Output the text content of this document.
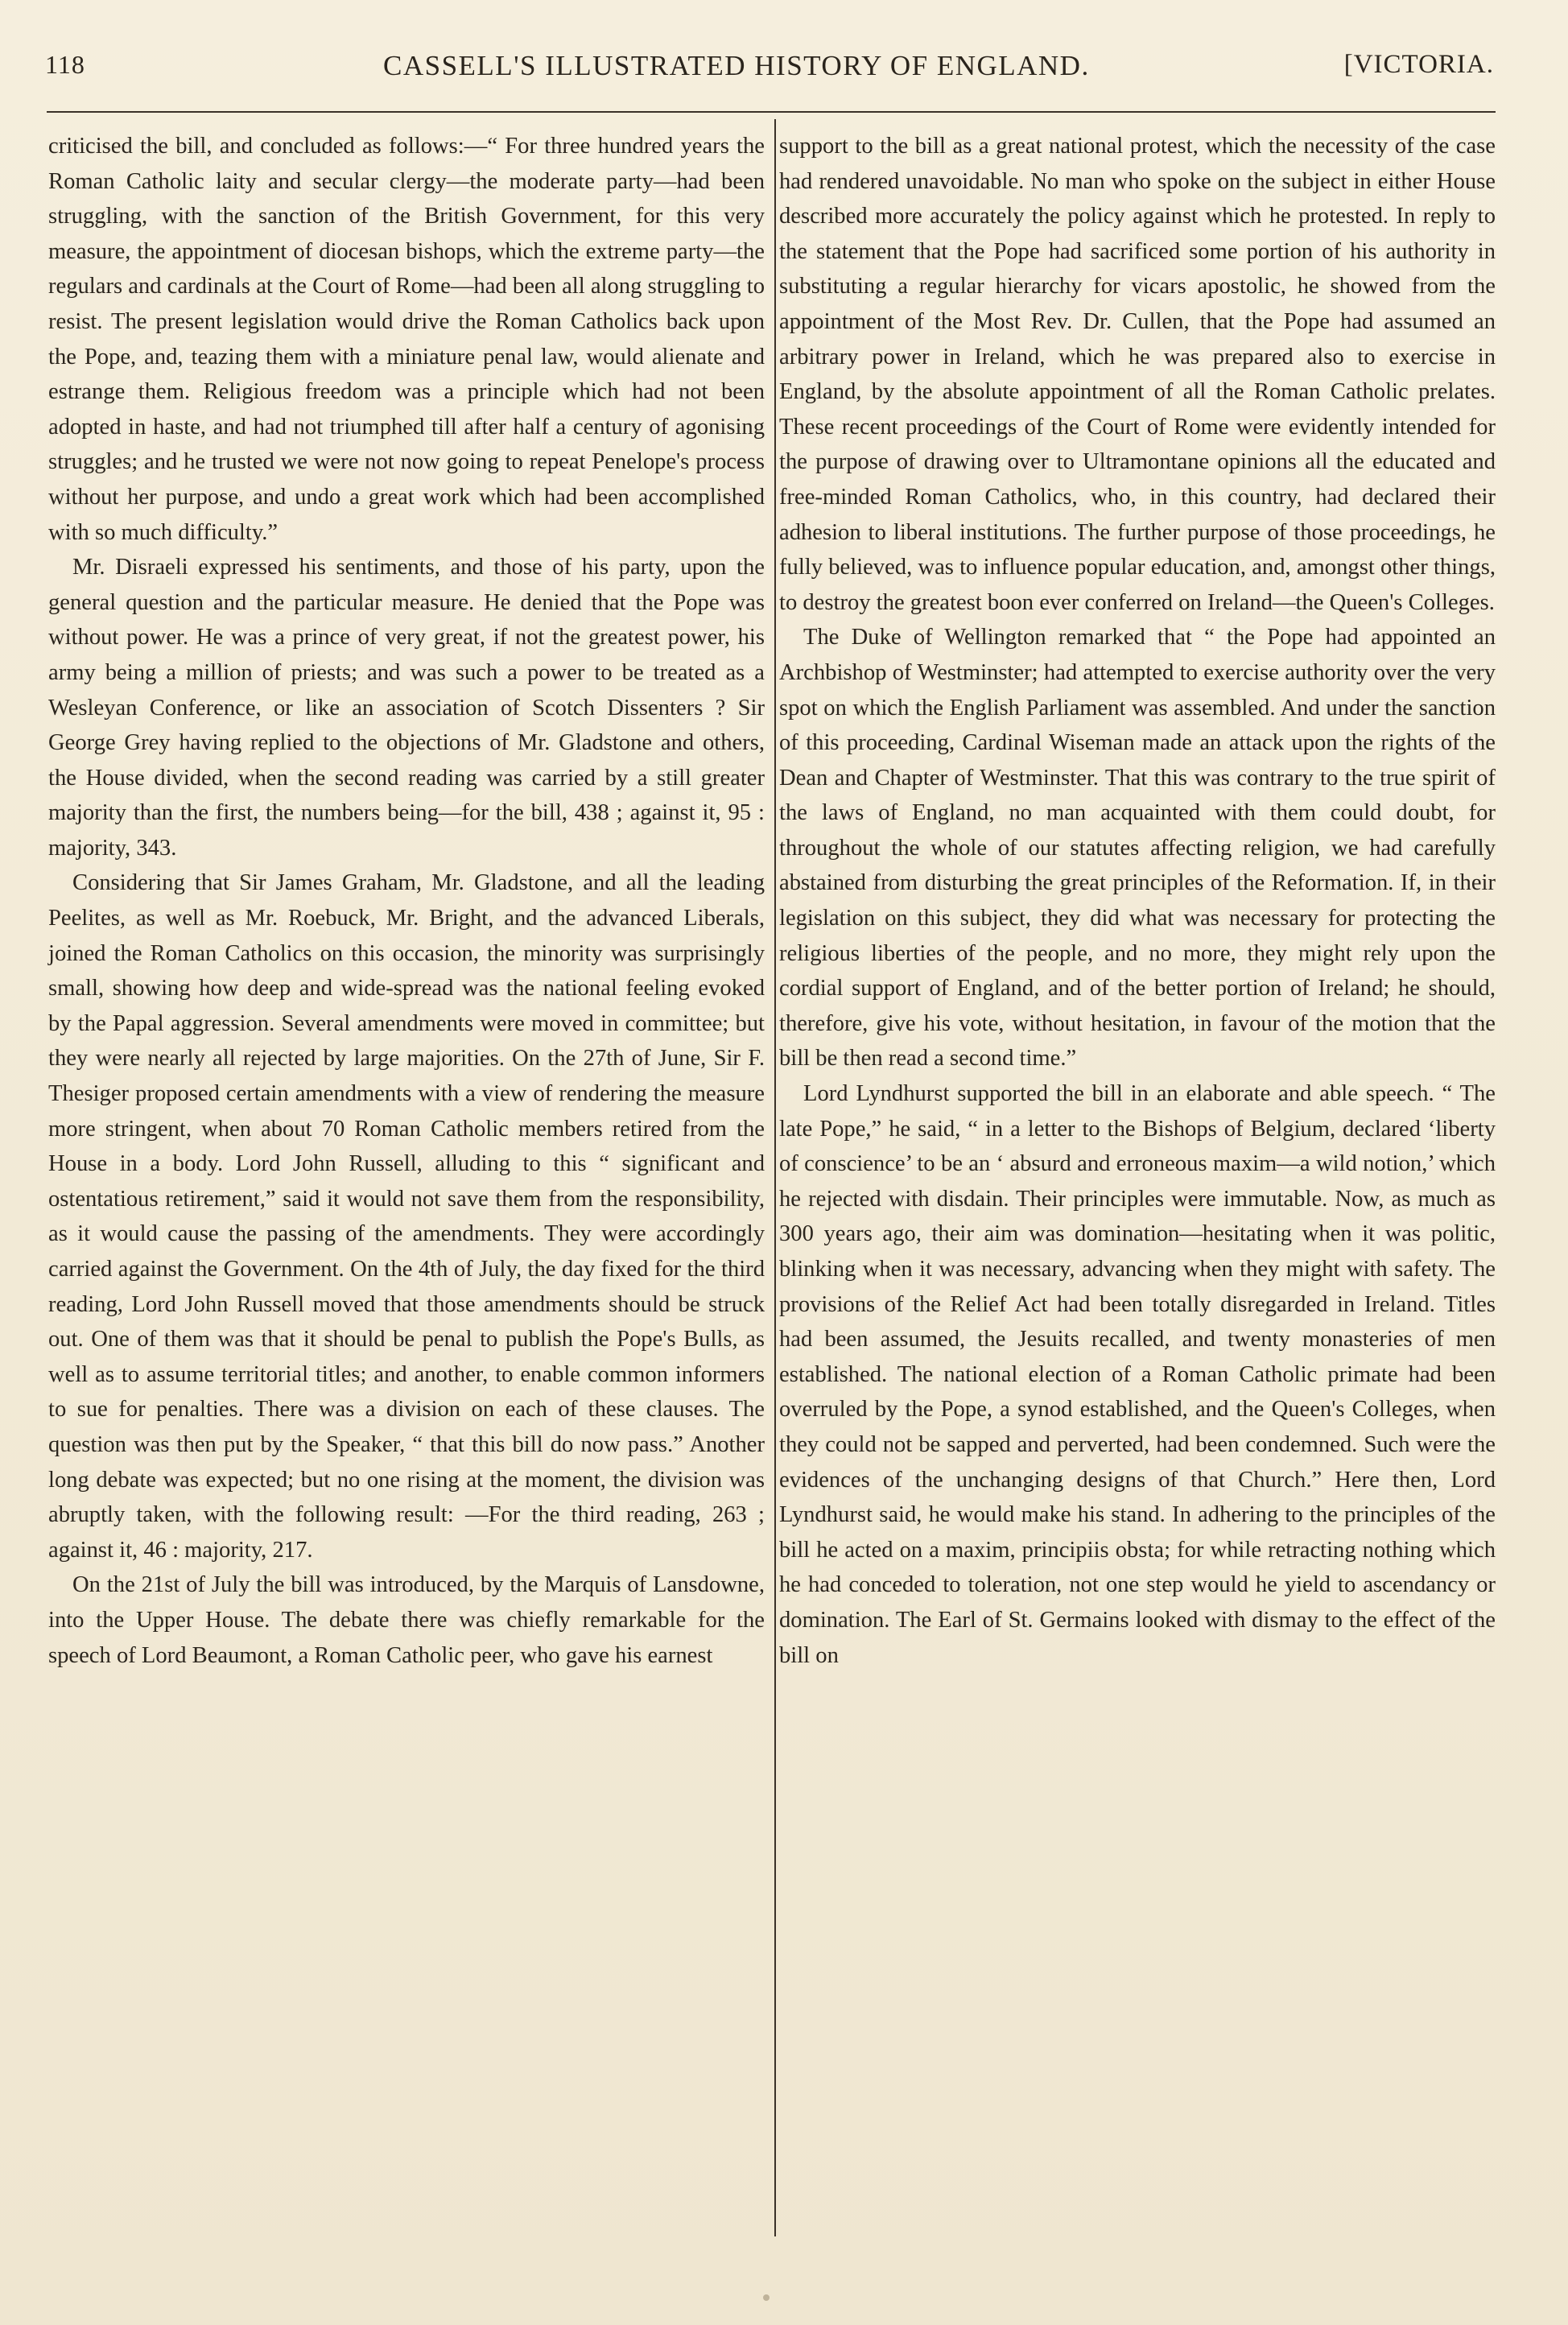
118	CASSELL'S ILLUSTRATED HISTORY OF ENGLAND.	[VICTORIA.

criticised the bill, and concluded as follows:—“ For three hundred years the Roman Catholic laity and secular clergy—the moderate party—had been struggling, with the sanction of the British Government, for this very measure, the appointment of diocesan bishops, which the extreme party—the regulars and cardinals at the Court of Rome—had been all along struggling to resist. The present legislation would drive the Roman Catholics back upon the Pope, and, teazing them with a miniature penal law, would alienate and estrange them. Religious freedom was a principle which had not been adopted in haste, and had not triumphed till after half a century of agonising struggles; and he trusted we were not now going to repeat Penelope's process without her purpose, and undo a great work which had been accomplished with so much difficulty.”

Mr. Disraeli expressed his sentiments, and those of his party, upon the general question and the particular measure. He denied that the Pope was without power. He was a prince of very great, if not the greatest power, his army being a million of priests; and was such a power to be treated as a Wesleyan Conference, or like an association of Scotch Dissenters ? Sir George Grey having replied to the objections of Mr. Gladstone and others, the House divided, when the second reading was carried by a still greater majority than the first, the numbers being—for the bill, 438 ; against it, 95 : majority, 343.

Considering that Sir James Graham, Mr. Gladstone, and all the leading Peelites, as well as Mr. Roebuck, Mr. Bright, and the advanced Liberals, joined the Roman Catholics on this occasion, the minority was surprisingly small, showing how deep and wide-spread was the national feeling evoked by the Papal aggression. Several amendments were moved in committee; but they were nearly all rejected by large majorities. On the 27th of June, Sir F. Thesiger proposed certain amendments with a view of rendering the measure more stringent, when about 70 Roman Catholic members retired from the House in a body. Lord John Russell, alluding to this “ significant and ostentatious retirement,” said it would not save them from the responsibility, as it would cause the passing of the amendments. They were accordingly carried against the Government. On the 4th of July, the day fixed for the third reading, Lord John Russell moved that those amendments should be struck out. One of them was that it should be penal to publish the Pope's Bulls, as well as to assume territorial titles; and another, to enable common informers to sue for penalties. There was a division on each of these clauses. The question was then put by the Speaker, “ that this bill do now pass.” Another long debate was expected; but no one rising at the moment, the division was abruptly taken, with the following result: —For the third reading, 263 ; against it, 46 : majority, 217.

On the 21st of July the bill was introduced, by the Marquis of Lansdowne, into the Upper House. The debate there was chiefly remarkable for the speech of Lord Beaumont, a Roman Catholic peer, who gave his earnest

support to the bill as a great national protest, which the necessity of the case had rendered unavoidable. No man who spoke on the subject in either House described more accurately the policy against which he protested. In reply to the statement that the Pope had sacrificed some portion of his authority in substituting a regular hierarchy for vicars apostolic, he showed from the appointment of the Most Rev. Dr. Cullen, that the Pope had assumed an arbitrary power in Ireland, which he was prepared also to exercise in England, by the absolute appointment of all the Roman Catholic prelates. These recent proceedings of the Court of Rome were evidently intended for the purpose of drawing over to Ultramontane opinions all the educated and free-minded Roman Catholics, who, in this country, had declared their adhesion to liberal institutions. The further purpose of those proceedings, he fully believed, was to influence popular education, and, amongst other things, to destroy the greatest boon ever conferred on Ireland—the Queen's Colleges.

The Duke of Wellington remarked that “ the Pope had appointed an Archbishop of Westminster; had attempted to exercise authority over the very spot on which the English Parliament was assembled. And under the sanction of this proceeding, Cardinal Wiseman made an attack upon the rights of the Dean and Chapter of Westminster. That this was contrary to the true spirit of the laws of England, no man acquainted with them could doubt, for throughout the whole of our statutes affecting religion, we had carefully abstained from disturbing the great principles of the Reformation. If, in their legislation on this subject, they did what was necessary for protecting the religious liberties of the people, and no more, they might rely upon the cordial support of England, and of the better portion of Ireland; he should, therefore, give his vote, without hesitation, in favour of the motion that the bill be then read a second time.”

Lord Lyndhurst supported the bill in an elaborate and able speech. “ The late Pope,” he said, “ in a letter to the Bishops of Belgium, declared ‘liberty of conscience’ to be an ‘ absurd and erroneous maxim—a wild notion,’ which he rejected with disdain. Their principles were immutable. Now, as much as 300 years ago, their aim was domination—hesitating when it was politic, blinking when it was necessary, advancing when they might with safety. The provisions of the Relief Act had been totally disregarded in Ireland. Titles had been assumed, the Jesuits recalled, and twenty monasteries of men established. The national election of a Roman Catholic primate had been overruled by the Pope, a synod established, and the Queen's Colleges, when they could not be sapped and perverted, had been condemned. Such were the evidences of the unchanging designs of that Church.” Here then, Lord Lyndhurst said, he would make his stand. In adhering to the principles of the bill he acted on a maxim, principiis obsta; for while retracting nothing which he had conceded to toleration, not one step would he yield to ascendancy or domination. The Earl of St. Germains looked with dismay to the effect of the bill on
